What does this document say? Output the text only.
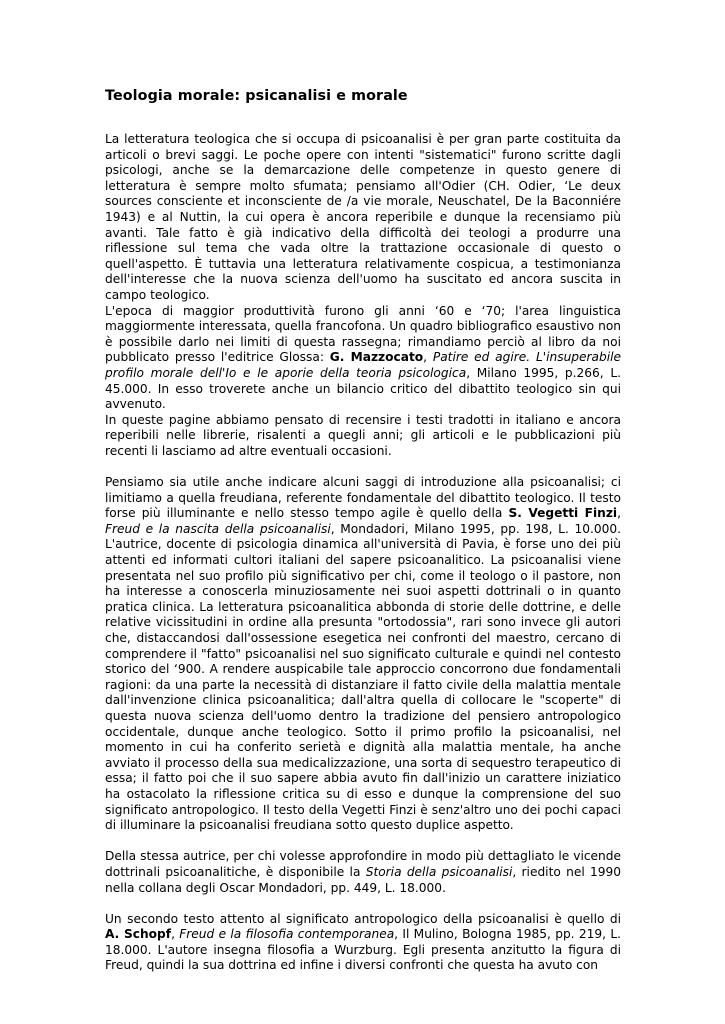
Teologia morale: psicanalisi e morale

La letteratura teologica che si occupa di psicoanalisi è per gran parte costituita da articoli o brevi saggi. Le poche opere con intenti "sistematici" furono scritte dagli psicologi, anche se la demarcazione delle competenze in questo genere di letteratura è sempre molto sfumata; pensiamo all'Odier (CH. Odier, ‘Le deux sources consciente et inconsciente de /a vie morale, Neuschatel, De la Baconniére 1943) e al Nuttin, la cui opera è ancora reperibile e dunque la recensiamo più avanti. Tale fatto è già indicativo della difficoltà dei teologi a produrre una riflessione sul tema che vada oltre la trattazione occasionale di questo o quell'aspetto. È tuttavia una letteratura relativamente cospicua, a testimonianza dell'interesse che la nuova scienza dell'uomo ha suscitato ed ancora suscita in campo teologico.

L'epoca di maggior produttività furono gli anni ‘60 e ‘70; l'area linguistica maggiormente interessata, quella francofona. Un quadro bibliografico esaustivo non è possibile darlo nei limiti di questa rassegna; rimandiamo perciò al libro da noi pubblicato presso l'editrice Glossa: G. Mazzocato, Patire ed agire. L'insuperabile profilo morale dell'Io e le aporie della teoria psicologica, Milano 1995, p.266, L. 45.000. In esso troverete anche un bilancio critico del dibattito teologico sin qui avvenuto.

In queste pagine abbiamo pensato di recensire i testi tradotti in italiano e ancora reperibili nelle librerie, risalenti a quegli anni; gli articoli e le pubblicazioni più recenti li lasciamo ad altre eventuali occasioni.

Pensiamo sia utile anche indicare alcuni saggi di introduzione alla psicoanalisi; ci limitiamo a quella freudiana, referente fondamentale del dibattito teologico. Il testo forse più illuminante e nello stesso tempo agile è quello della S. Vegetti Finzi, Freud e la nascita della psicoanalisi, Mondadori, Milano 1995, pp. 198, L. 10.000. L'autrice, docente di psicologia dinamica all'università di Pavia, è forse uno dei più attenti ed informati cultori italiani del sapere psicoanalitico. La psicoanalisi viene presentata nel suo profilo più significativo per chi, come il teologo o il pastore, non ha interesse a conoscerla minuziosamente nei suoi aspetti dottrinali o in quanto pratica clinica. La letteratura psicoanalitica abbonda di storie delle dottrine, e delle relative vicissitudini in ordine alla presunta "ortodossia", rari sono invece gli autori che, distaccandosi dall'ossessione esegetica nei confronti del maestro, cercano di comprendere il "fatto" psicoanalisi nel suo significato culturale e quindi nel contesto storico del ‘900. A rendere auspicabile tale approccio concorrono due fondamentali ragioni: da una parte la necessità di distanziare il fatto civile della malattia mentale dall'invenzione clinica psicoanalitica; dall'altra quella di collocare le "scoperte" di questa nuova scienza dell'uomo dentro la tradizione del pensiero antropologico occidentale, dunque anche teologico. Sotto il primo profilo la psicoanalisi, nel momento in cui ha conferito serietà e dignità alla malattia mentale, ha anche avviato il processo della sua medicalizzazione, una sorta di sequestro terapeutico di essa; il fatto poi che il suo sapere abbia avuto fin dall'inizio un carattere iniziatico ha ostacolato la riflessione critica su di esso e dunque la comprensione del suo significato antropologico. Il testo della Vegetti Finzi è senz'altro uno dei pochi capaci di illuminare la psicoanalisi freudiana sotto questo duplice aspetto.

Della stessa autrice, per chi volesse approfondire in modo più dettagliato le vicende dottrinali psicoanalitiche, è disponibile la Storia della psicoanalisi, riedito nel 1990 nella collana degli Oscar Mondadori, pp. 449, L. 18.000.

Un secondo testo attento al significato antropologico della psicoanalisi è quello di A. Schopf, Freud e la filosofia contemporanea, Il Mulino, Bologna 1985, pp. 219, L. 18.000. L'autore insegna filosofia a Wurzburg. Egli presenta anzitutto la figura di Freud, quindi la sua dottrina ed infine i diversi confronti che questa ha avuto con
